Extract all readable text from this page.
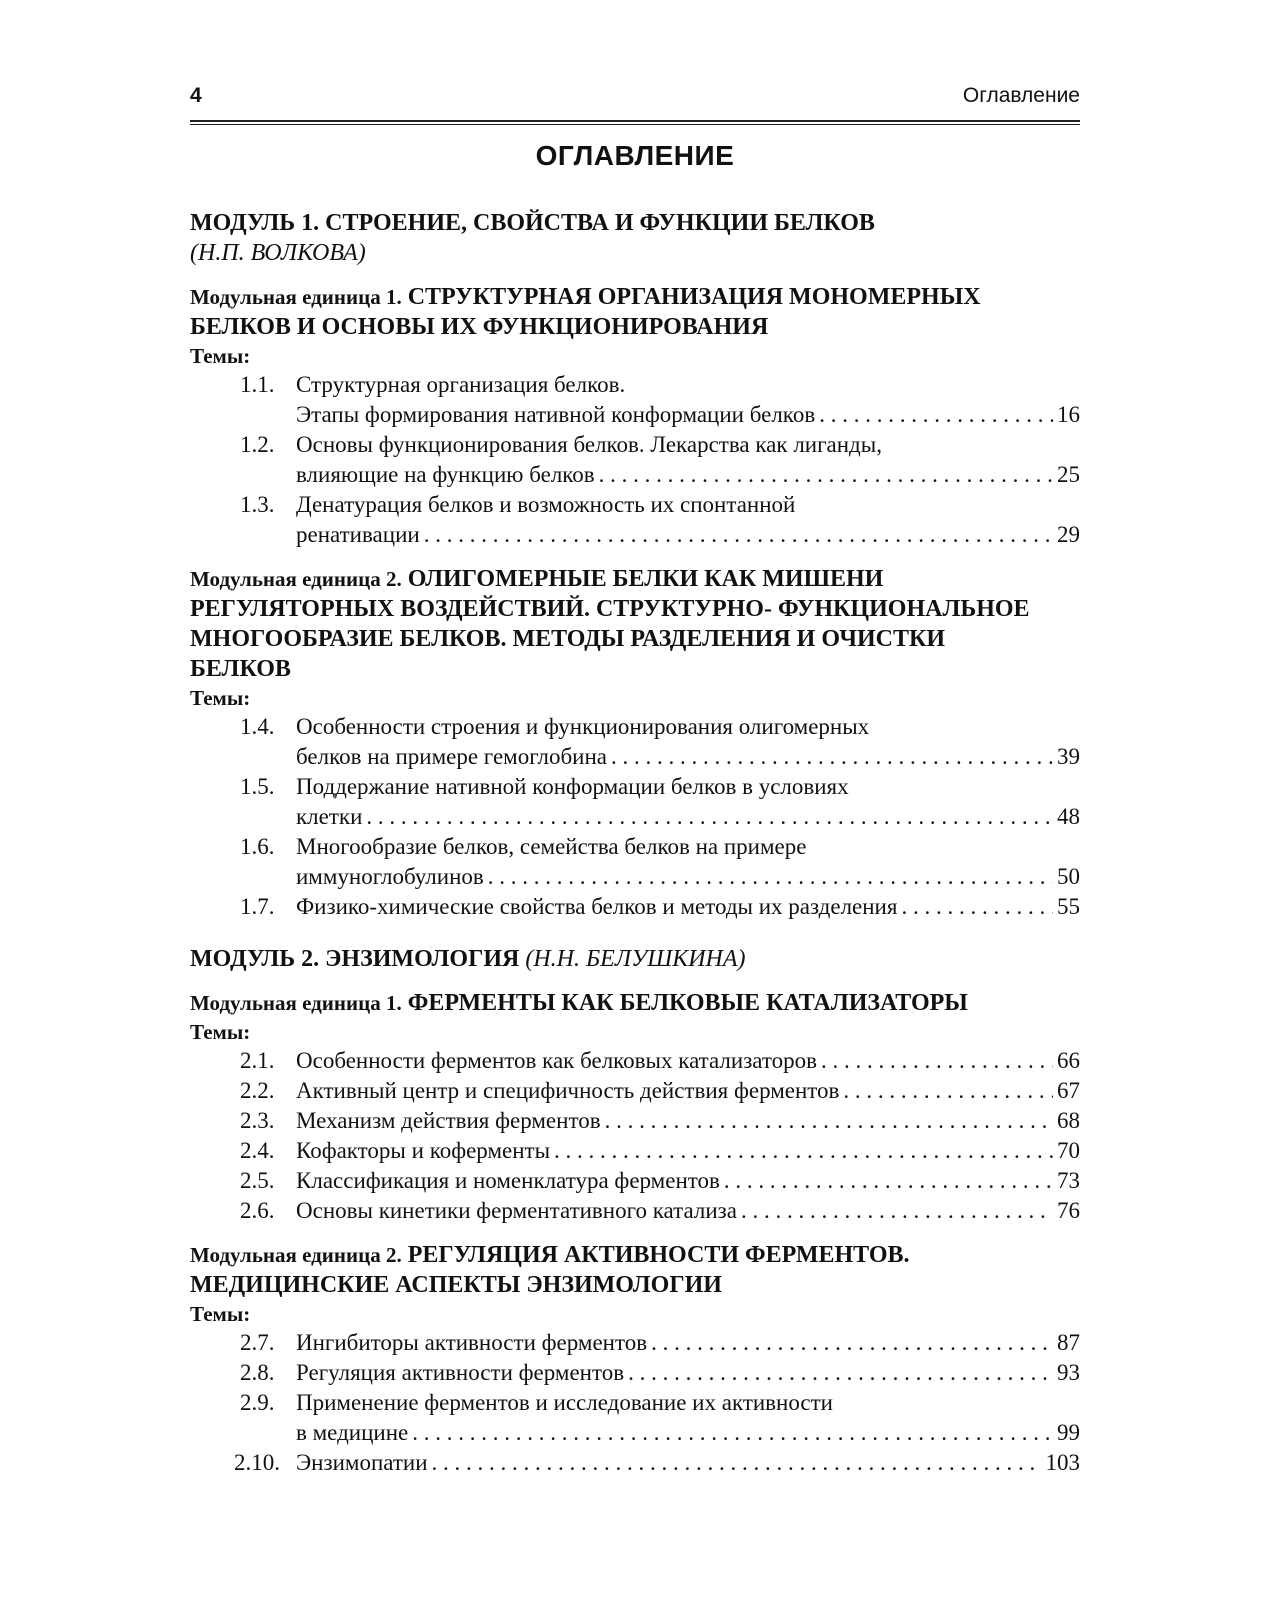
4	Оглавление
ОГЛАВЛЕНИЕ
МОДУЛЬ 1. СТРОЕНИЕ, СВОЙСТВА И ФУНКЦИИ БЕЛКОВ
(Н.П. ВОЛКОВА)
Модульная единица 1. СТРУКТУРНАЯ ОРГАНИЗАЦИЯ МОНОМЕРНЫХ
БЕЛКОВ И ОСНОВЫ ИХ ФУНКЦИОНИРОВАНИЯ
Темы:
1.1. Структурная организация белков.
Этапы формирования нативной конформации белков . . .	16
1.2. Основы функционирования белков. Лекарства как лиганды,
влияющие на функцию белков . . .	25
1.3. Денатурация белков и возможность их спонтанной
ренативации . . .	29
Модульная единица 2. ОЛИГОМЕРНЫЕ БЕЛКИ КАК МИШЕНИ
РЕГУЛЯТОРНЫХ ВОЗДЕЙСТВИЙ. СТРУКТУРНО- ФУНКЦИОНАЛЬНОЕ
МНОГООБРАЗИЕ БЕЛКОВ. МЕТОДЫ РАЗДЕЛЕНИЯ И ОЧИСТКИ
БЕЛКОВ
Темы:
1.4. Особенности строения и функционирования олигомерных
белков на примере гемоглобина . . .	39
1.5. Поддержание нативной конформации белков в условиях
клетки . . .	48
1.6. Многообразие белков, семейства белков на примере
иммуноглобулинов . . .	50
1.7. Физико-химические свойства белков и методы их разделения . . .	55
МОДУЛЬ 2. ЭНЗИМОЛОГИЯ (Н.Н. БЕЛУШКИНА)
Модульная единица 1. ФЕРМЕНТЫ КАК БЕЛКОВЫЕ КАТАЛИЗАТОРЫ
Темы:
2.1. Особенности ферментов как белковых катализаторов . . .	66
2.2. Активный центр и специфичность действия ферментов . . .	67
2.3. Механизм действия ферментов . . .	68
2.4. Кофакторы и коферменты . . .	70
2.5. Классификация и номенклатура ферментов . . .	73
2.6. Основы кинетики ферментативного катализа . . .	76
Модульная единица 2. РЕГУЛЯЦИЯ АКТИВНОСТИ ФЕРМЕНТОВ.
МЕДИЦИНСКИЕ АСПЕКТЫ ЭНЗИМОЛОГИИ
Темы:
2.7. Ингибиторы активности ферментов . . .	87
2.8. Регуляция активности ферментов . . .	93
2.9. Применение ферментов и исследование их активности
в медицине . . .	99
2.10. Энзимопатии . . .	103
